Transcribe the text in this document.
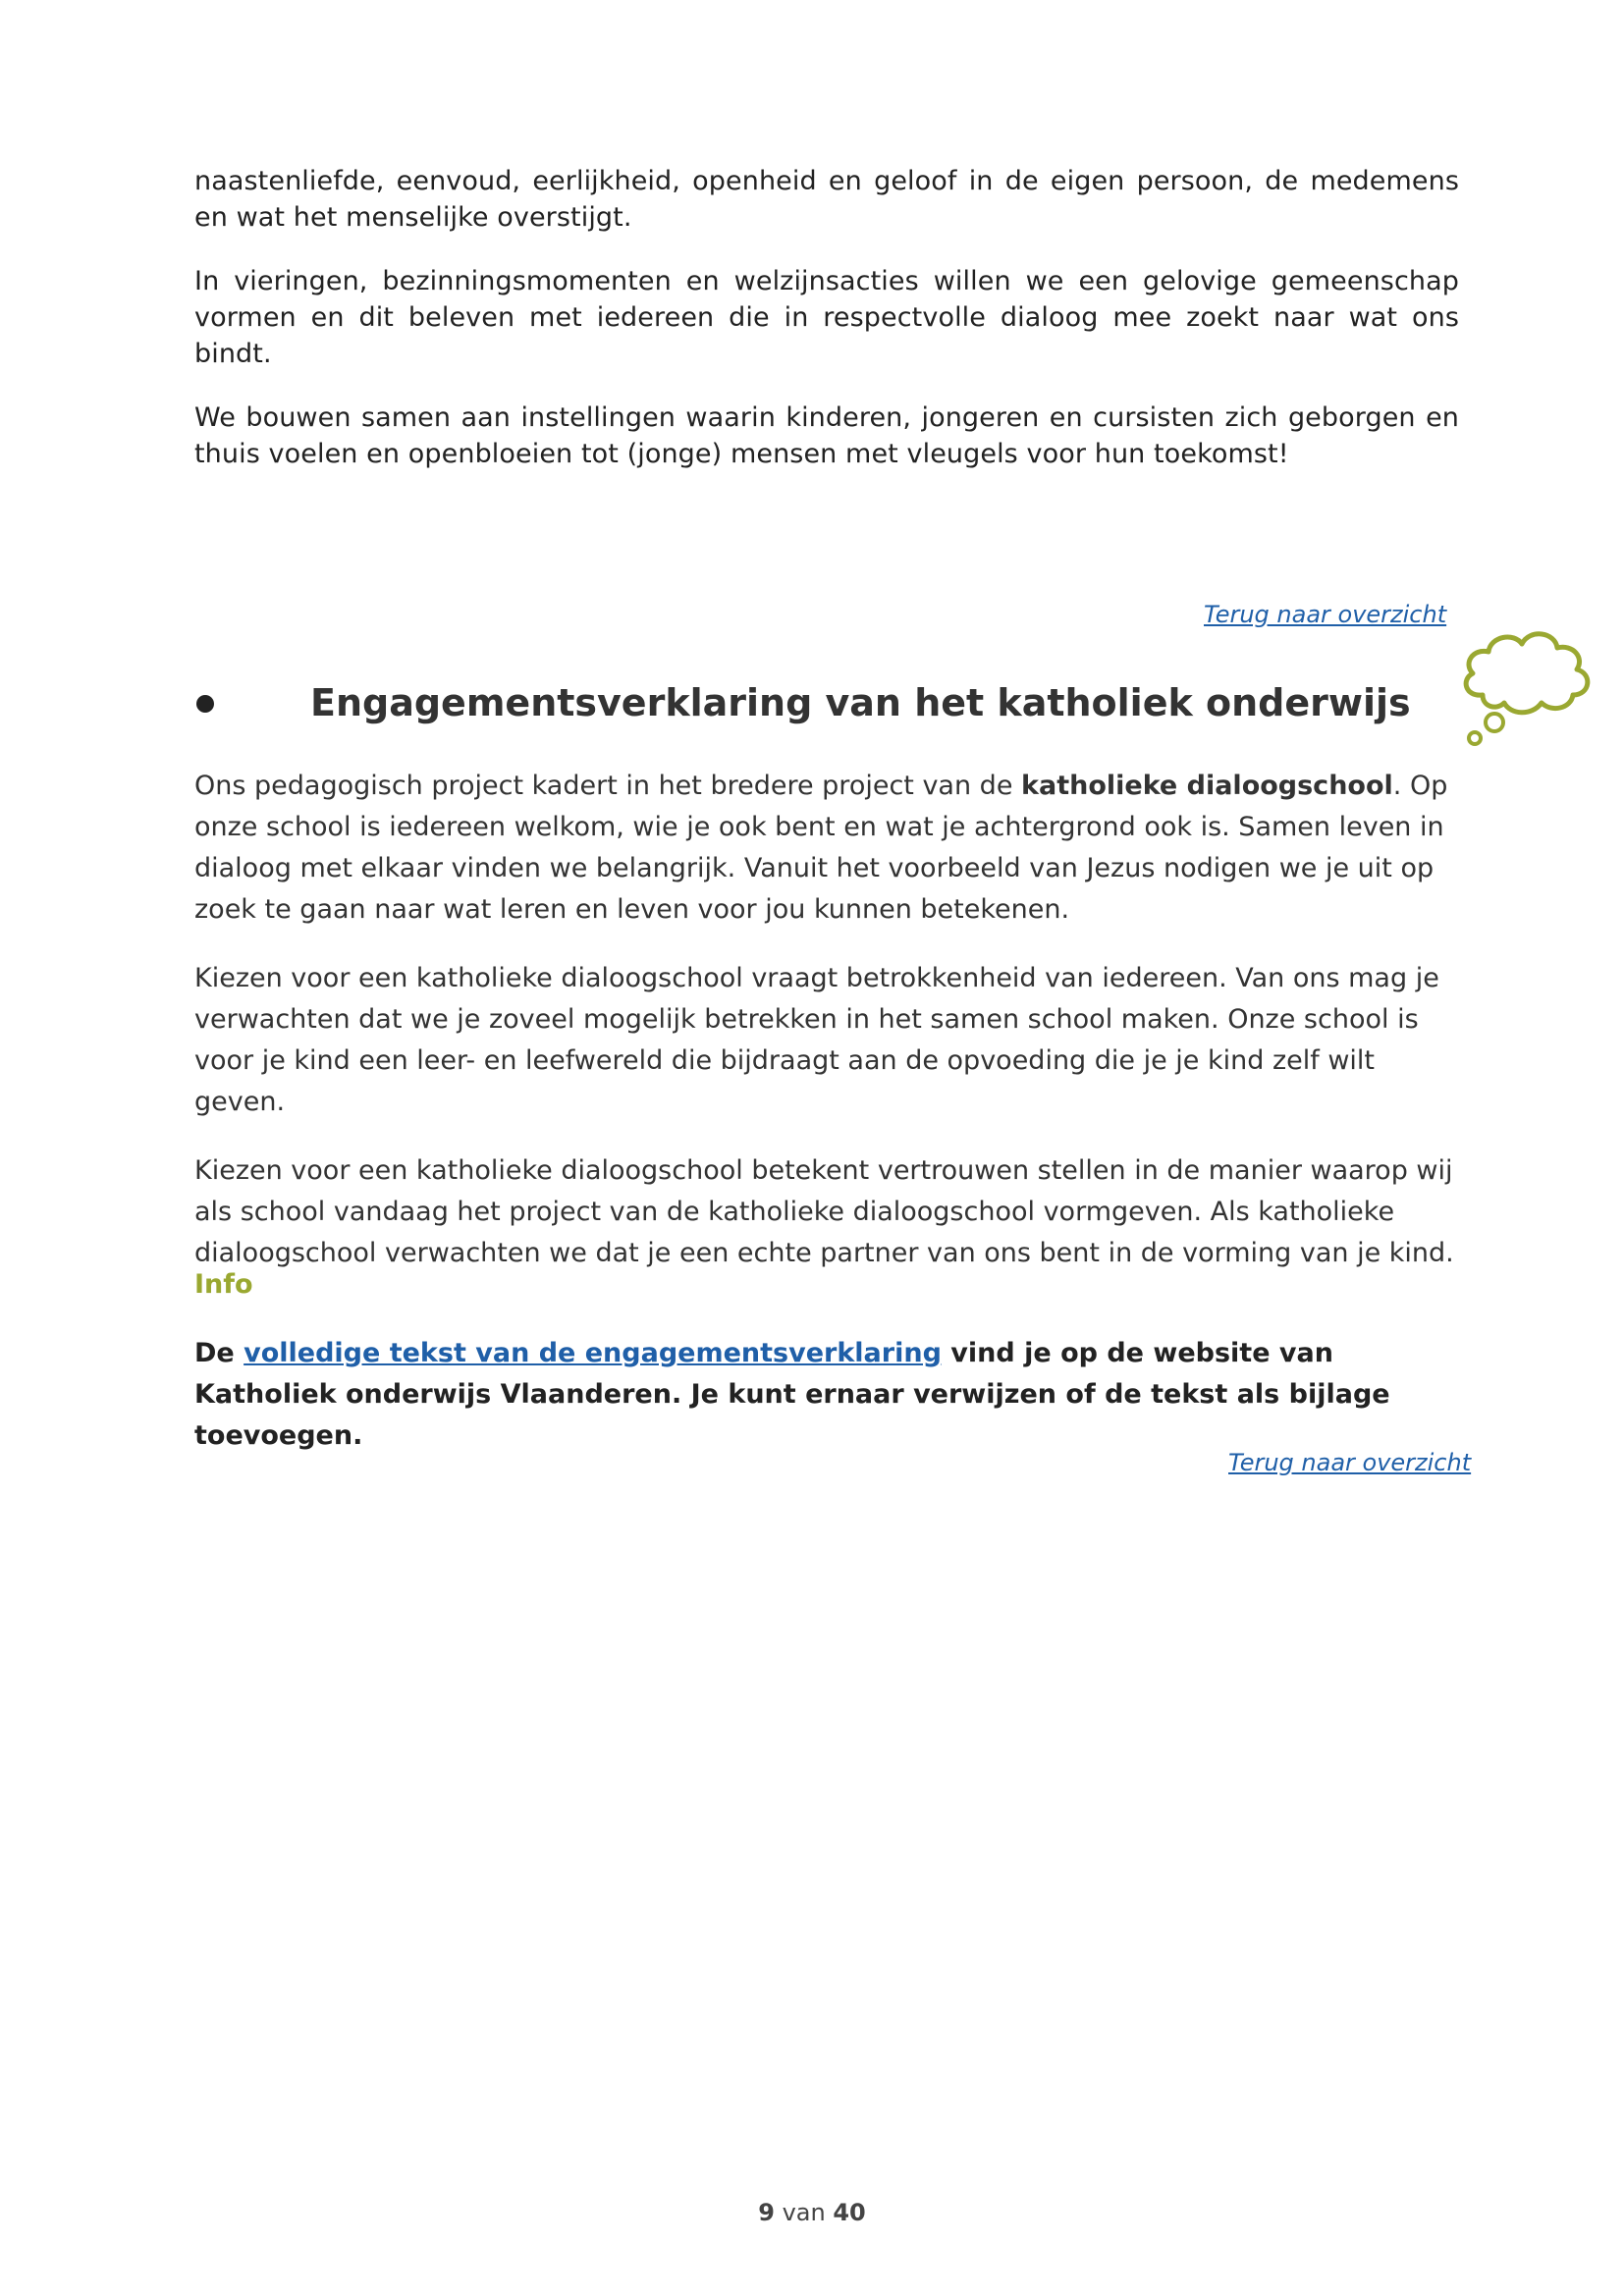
naastenliefde, eenvoud, eerlijkheid, openheid en geloof in de eigen persoon, de medemens en wat het menselijke overstijgt.

In vieringen, bezinningsmomenten en welzijnsacties willen we een gelovige gemeenschap vormen en dit beleven met iedereen die in respectvolle dialoog mee zoekt naar wat ons bindt.

We bouwen samen aan instellingen waarin kinderen, jongeren en cursisten zich geborgen en thuis voelen en openbloeien tot (jonge) mensen met vleugels voor hun toekomst!

Terug naar overzicht
Engagementsverklaring van het katholiek onderwijs

Ons pedagogisch project kadert in het bredere project van de katholieke dialoogschool. Op onze school is iedereen welkom, wie je ook bent en wat je achtergrond ook is. Samen leven in dialoog met elkaar vinden we belangrijk. Vanuit het voorbeeld van Jezus nodigen we je uit op zoek te gaan naar wat leren en leven voor jou kunnen betekenen.

Kiezen voor een katholieke dialoogschool vraagt betrokkenheid van iedereen. Van ons mag je verwachten dat we je zoveel mogelijk betrekken in het samen school maken. Onze school is voor je kind een leer- en leefwereld die bijdraagt aan de opvoeding die je je kind zelf wilt geven.

Kiezen voor een katholieke dialoogschool betekent vertrouwen stellen in de manier waarop wij als school vandaag het project van de katholieke dialoogschool vormgeven. Als katholieke dialoogschool verwachten we dat je een echte partner van ons bent in de vorming van je kind.

Info

De volledige tekst van de engagementsverklaring vind je op de website van Katholiek onderwijs Vlaanderen. Je kunt ernaar verwijzen of de tekst als bijlage toevoegen.

Terug naar overzicht
9 van 40
